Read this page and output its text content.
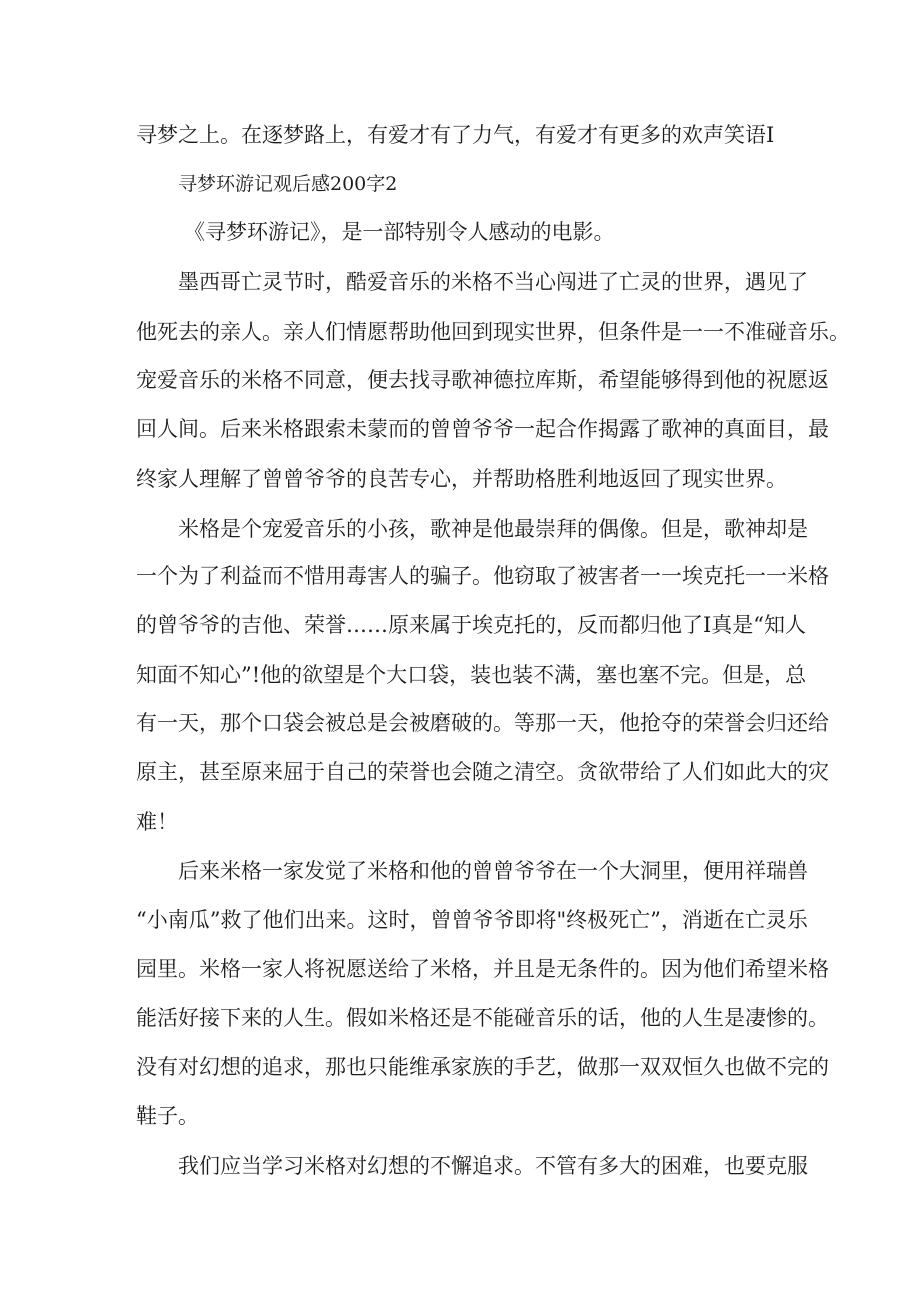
寻梦之上。在逐梦路上，有爱才有了力气，有爱才有更多的欢声笑语I
寻梦环游记观后感200字2
《寻梦环游记》，是一部特别令人感动的电影。
墨西哥亡灵节时，酷爱音乐的米格不当心闯进了亡灵的世界，遇见了
他死去的亲人。亲人们情愿帮助他回到现实世界，但条件是一一不准碰音乐。
宠爱音乐的米格不同意，便去找寻歌神德拉库斯，希望能够得到他的祝愿返
回人间。后来米格跟索未蒙而的曾曾爷爷一起合作揭露了歌神的真面目，最
终家人理解了曾曾爷爷的良苦专心，并帮助格胜利地返回了现实世界。
米格是个宠爱音乐的小孩，歌神是他最崇拜的偶像。但是，歌神却是
一个为了利益而不惜用毒害人的骗子。他窃取了被害者一一埃克托一一米格
的曾爷爷的吉他、荣誉……原来属于埃克托的，反而都归他了I真是“知人
知面不知心”!他的欲望是个大口袋，装也装不满，塞也塞不完。但是，总
有一天，那个口袋会被总是会被磨破的。等那一天，他抢夺的荣誉会归还给
原主，甚至原来屈于自己的荣誉也会随之清空。贪欲带给了人们如此大的灾
难！
后来米格一家发觉了米格和他的曾曾爷爷在一个大洞里，便用祥瑞兽
“小南瓜”救了他们出来。这时，曾曾爷爷即将"终极死亡”，消逝在亡灵乐
园里。米格一家人将祝愿送给了米格，并且是无条件的。因为他们希望米格
能活好接下来的人生。假如米格还是不能碰音乐的话，他的人生是凄惨的。
没有对幻想的追求，那也只能维承家族的手艺，做那一双双恒久也做不完的
鞋子。
我们应当学习米格对幻想的不懈追求。不管有多大的困难，也要克服
